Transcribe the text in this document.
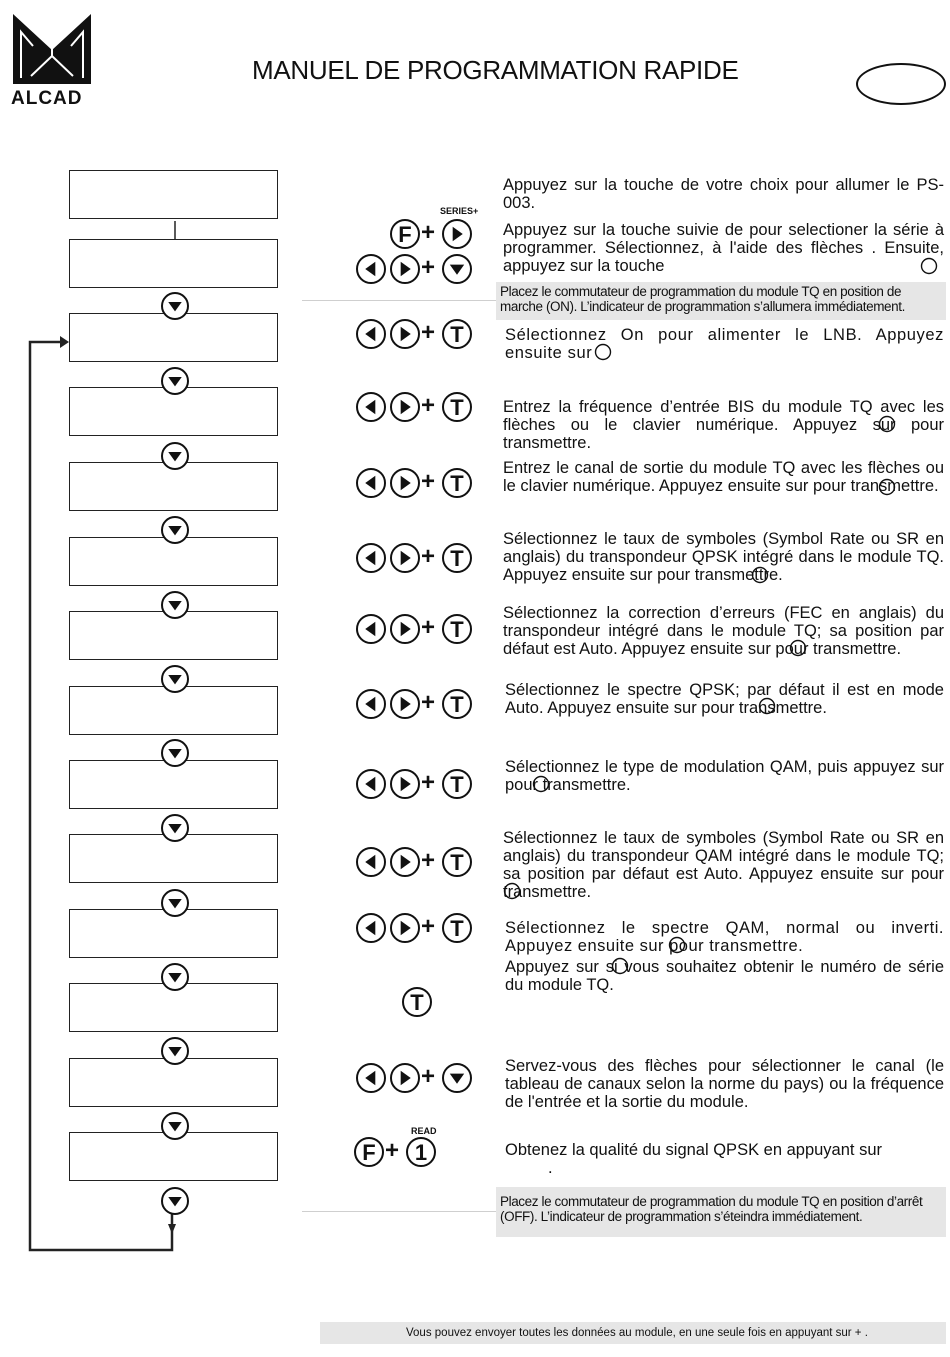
ALCAD
MANUEL DE PROGRAMMATION RAPIDE
SERIES+
READ

Appuyez sur la touche de votre choix pour allumer le PS-003.

Appuyez sur la touche suivie de pour selectioner la série à programmer. Sélectionnez, à l'aide des flèches . Ensuite, appuyez sur la touche

Placez le commutateur de programmation du module TQ en position de marche (ON). L’indicateur de programmation s’allumera immédiatement.

Sélectionnez On pour alimenter le LNB. Appuyez ensuite sur

Entrez la fréquence d’entrée BIS du module TQ avec les flèches ou le clavier numérique. Appuyez sur pour transmettre.

Entrez le canal de sortie du module TQ avec les flèches ou le clavier numérique. Appuyez ensuite sur pour transmettre.

Sélectionnez le taux de symboles (Symbol Rate ou SR en anglais) du transpondeur QPSK intégré dans le module TQ. Appuyez ensuite sur pour transmettre.

Sélectionnez la correction d’erreurs (FEC en anglais) du transpondeur intégré dans le module TQ; sa position par défaut est Auto. Appuyez ensuite sur pour transmettre.

Sélectionnez le spectre QPSK; par défaut il est en mode Auto. Appuyez ensuite sur pour transmettre.

Sélectionnez le type de modulation QAM, puis appuyez sur pour transmettre.

Sélectionnez le taux de symboles (Symbol Rate ou SR en anglais) du transpondeur QAM intégré dans le module TQ; sa position par défaut est Auto. Appuyez ensuite sur pour transmettre.

Sélectionnez le spectre QAM, normal ou inverti. Appuyez ensuite sur pour transmettre.

Appuyez sur si vous souhaitez obtenir le numéro de série du module TQ.

Servez-vous des flèches pour sélectionner le canal (le tableau de canaux selon la norme du pays) ou la fréquence de l'entrée et la sortie du module.

Obtenez la qualité du signal QPSK en appuyant sur

.

Placez le commutateur de programmation du module TQ en position d’arrêt (OFF). L’indicateur de programmation s’éteindra immédiatement.
Vous pouvez envoyer toutes les données au module, en une seule fois en appuyant sur + .
F +
+
+ T
+ T
+ T
+ T
+ T
+ T
+ T
+ T
+ T
T
+
F + 1
